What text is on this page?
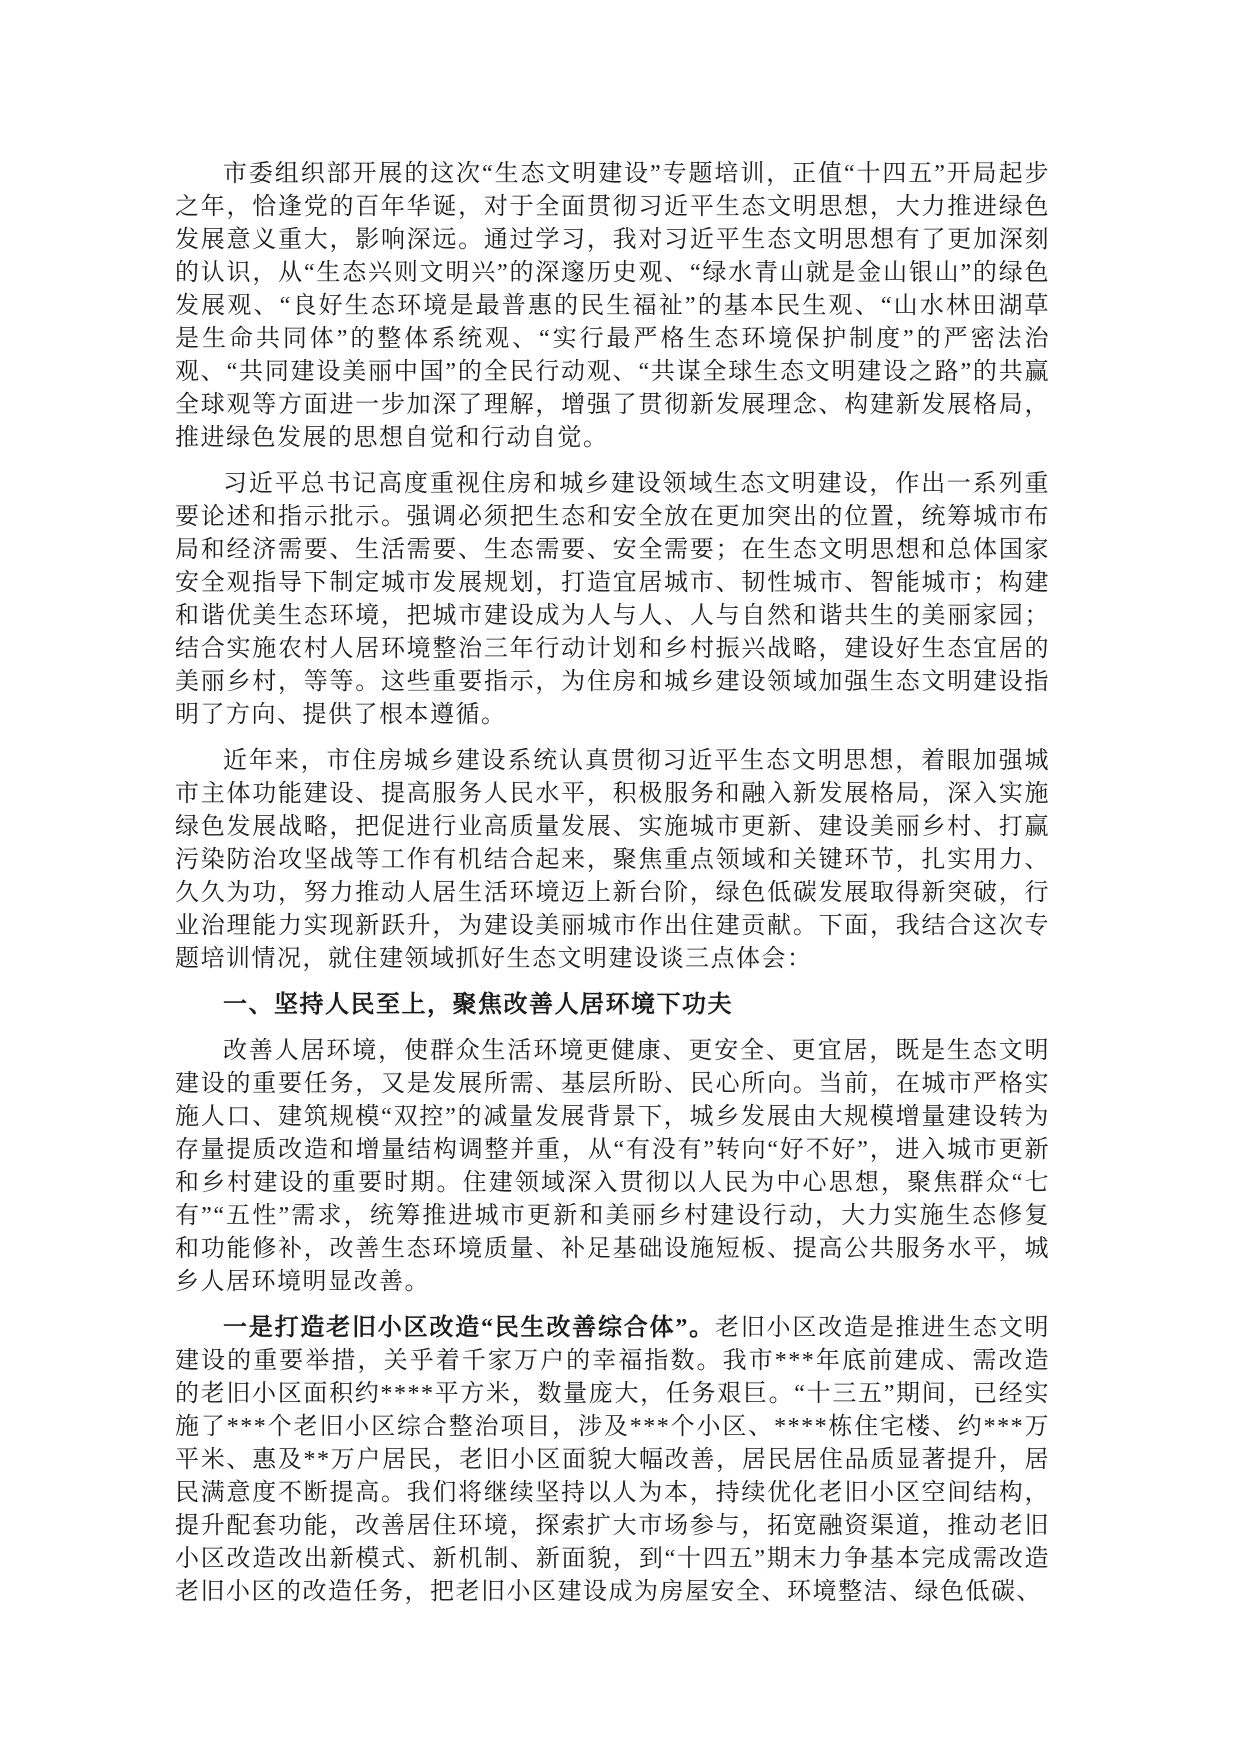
市委组织部开展的这次“生态文明建设”专题培训，正值“十四五”开局起步之年，恰逢党的百年华诞，对于全面贯彻习近平生态文明思想，大力推进绿色发展意义重大，影响深远。通过学习，我对习近平生态文明思想有了更加深刻的认识，从“生态兴则文明兴”的深邃历史观、“绿水青山就是金山银山”的绿色发展观、“良好生态环境是最普惠的民生福祉”的基本民生观、“山水林田湖草是生命共同体”的整体系统观、“实行最严格生态环境保护制度”的严密法治观、“共同建设美丽中国”的全民行动观、“共谋全球生态文明建设之路”的共赢全球观等方面进一步加深了理解，增强了贯彻新发展理念、构建新发展格局，推进绿色发展的思想自觉和行动自觉。

习近平总书记高度重视住房和城乡建设领域生态文明建设，作出一系列重要论述和指示批示。强调必须把生态和安全放在更加突出的位置，统筹城市布局和经济需要、生活需要、生态需要、安全需要；在生态文明思想和总体国家安全观指导下制定城市发展规划，打造宜居城市、韧性城市、智能城市；构建和谐优美生态环境，把城市建设成为人与人、人与自然和谐共生的美丽家园；结合实施农村人居环境整治三年行动计划和乡村振兴战略，建设好生态宜居的美丽乡村，等等。这些重要指示，为住房和城乡建设领域加强生态文明建设指明了方向、提供了根本遵循。

近年来，市住房城乡建设系统认真贯彻习近平生态文明思想，着眼加强城市主体功能建设、提高服务人民水平，积极服务和融入新发展格局，深入实施绿色发展战略，把促进行业高质量发展、实施城市更新、建设美丽乡村、打赢污染防治攻坚战等工作有机结合起来，聚焦重点领域和关键环节，扎实用力、久久为功，努力推动人居生活环境迈上新台阶，绿色低碳发展取得新突破，行业治理能力实现新跃升，为建设美丽城市作出住建贡献。下面，我结合这次专题培训情况，就住建领域抓好生态文明建设谈三点体会：

一、坚持人民至上，聚焦改善人居环境下功夫

改善人居环境，使群众生活环境更健康、更安全、更宜居，既是生态文明建设的重要任务，又是发展所需、基层所盼、民心所向。当前，在城市严格实施人口、建筑规模“双控”的减量发展背景下，城乡发展由大规模增量建设转为存量提质改造和增量结构调整并重，从“有没有”转向“好不好”，进入城市更新和乡村建设的重要时期。住建领域深入贯彻以人民为中心思想，聚焦群众“七有”“五性”需求，统筹推进城市更新和美丽乡村建设行动，大力实施生态修复和功能修补，改善生态环境质量、补足基础设施短板、提高公共服务水平，城乡人居环境明显改善。

一是打造老旧小区改造“民生改善综合体”。老旧小区改造是推进生态文明建设的重要举措，关乎着千家万户的幸福指数。我市***年底前建成、需改造的老旧小区面积约****平方米，数量庞大，任务艰巨。“十三五”期间，已经实施了***个老旧小区综合整治项目，涉及***个小区、****栋住宅楼、约***万平米、惠及**万户居民，老旧小区面貌大幅改善，居民居住品质显著提升，居民满意度不断提高。我们将继续坚持以人为本，持续优化老旧小区空间结构，提升配套功能，改善居住环境，探索扩大市场参与，拓宽融资渠道，推动老旧小区改造改出新模式、新机制、新面貌，到“十四五”期末力争基本完成需改造老旧小区的改造任务，把老旧小区建设成为房屋安全、环境整洁、绿色低碳、
